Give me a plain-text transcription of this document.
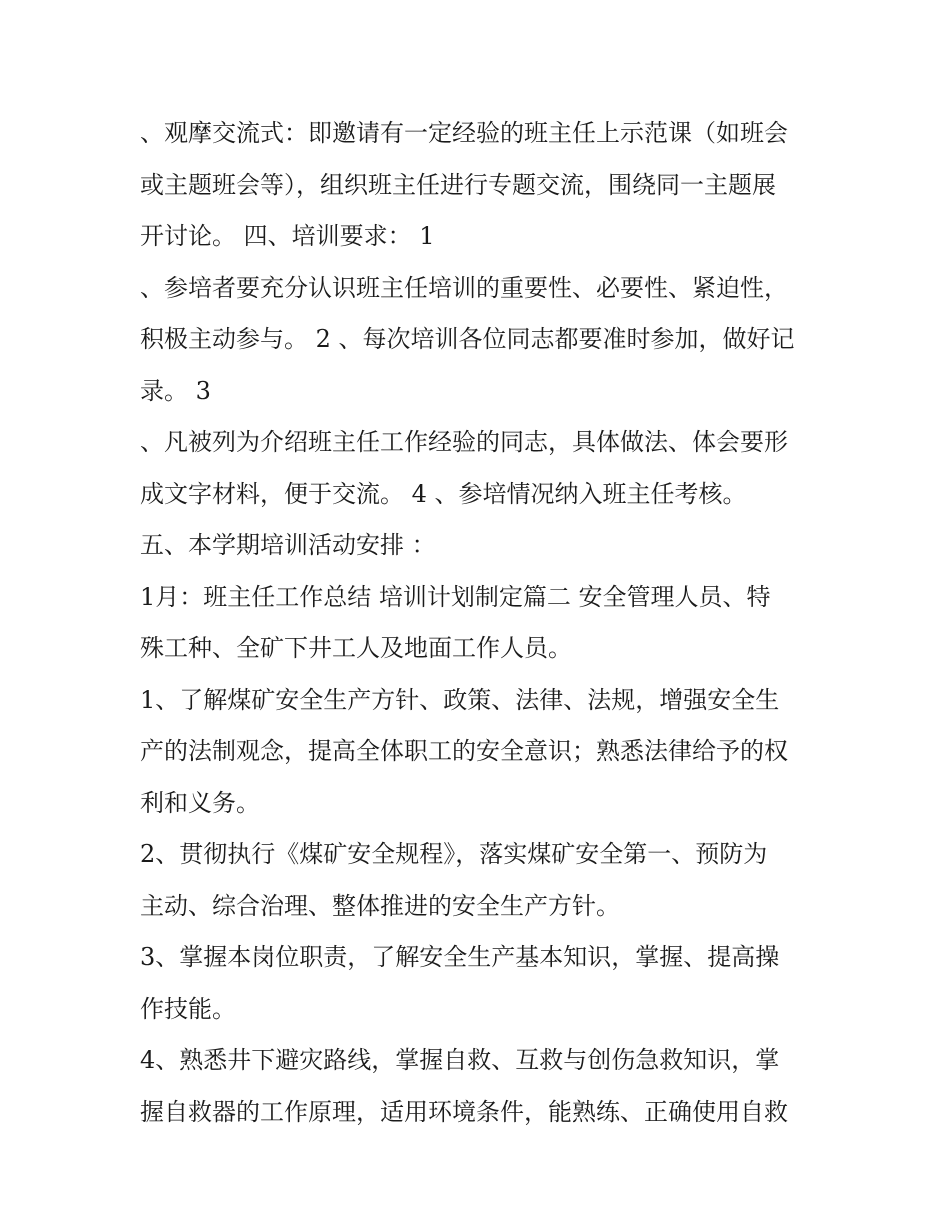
、观摩交流式：即邀请有一定经验的班主任上示范课（如班会
或主题班会等），组织班主任进行专题交流，围绕同一主题展
开讨论。 四、培训要求： 1
、参培者要充分认识班主任培训的重要性、必要性、紧迫性，
积极主动参与。 2 、每次培训各位同志都要准时参加，做好记
录。 3
、凡被列为介绍班主任工作经验的同志，具体做法、体会要形
成文字材料，便于交流。 4 、参培情况纳入班主任考核。
五、本学期培训活动安排 ：
1月：班主任工作总结 培训计划制定篇二 安全管理人员、特
殊工种、全矿下井工人及地面工作人员。
1、了解煤矿安全生产方针、政策、法律、法规，增强安全生
产的法制观念，提高全体职工的安全意识；熟悉法律给予的权
利和义务。
2、贯彻执行《煤矿安全规程》，落实煤矿安全第一、预防为
主动、综合治理、整体推进的安全生产方针。
3、掌握本岗位职责，了解安全生产基本知识，掌握、提高操
作技能。
4、熟悉井下避灾路线，掌握自救、互救与创伤急救知识，掌
握自救器的工作原理，适用环境条件，能熟练、正确使用自救
